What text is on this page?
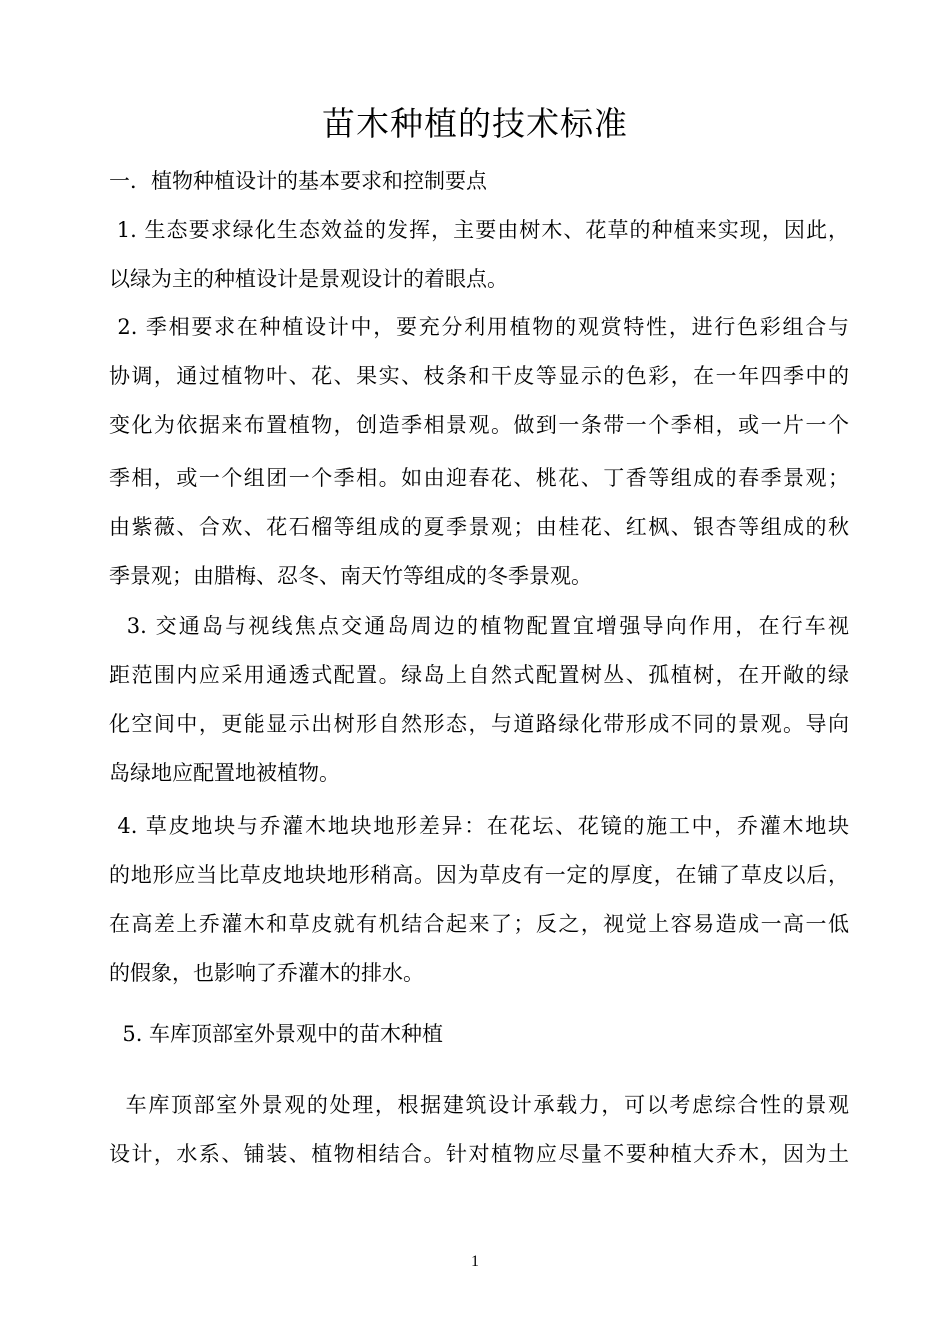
苗木种植的技术标准
一．植物种植设计的基本要求和控制要点
1. 生态要求绿化生态效益的发挥，主要由树木、花草的种植来实现，因此，
以绿为主的种植设计是景观设计的着眼点。
2. 季相要求在种植设计中，要充分利用植物的观赏特性，进行色彩组合与
协调，通过植物叶、花、果实、枝条和干皮等显示的色彩，在一年四季中的
变化为依据来布置植物，创造季相景观。做到一条带一个季相，或一片一个
季相，或一个组团一个季相。如由迎春花、桃花、丁香等组成的春季景观；
由紫薇、合欢、花石榴等组成的夏季景观；由桂花、红枫、银杏等组成的秋
季景观；由腊梅、忍冬、南天竹等组成的冬季景观。
3. 交通岛与视线焦点交通岛周边的植物配置宜增强导向作用，在行车视
距范围内应采用通透式配置。绿岛上自然式配置树丛、孤植树，在开敞的绿
化空间中，更能显示出树形自然形态，与道路绿化带形成不同的景观。导向
岛绿地应配置地被植物。
4. 草皮地块与乔灌木地块地形差异：在花坛、花镜的施工中，乔灌木地块
的地形应当比草皮地块地形稍高。因为草皮有一定的厚度，在铺了草皮以后，
在高差上乔灌木和草皮就有机结合起来了；反之，视觉上容易造成一高一低
的假象，也影响了乔灌木的排水。
5. 车库顶部室外景观中的苗木种植
车库顶部室外景观的处理，根据建筑设计承载力，可以考虑综合性的景观
设计，水系、铺装、植物相结合。针对植物应尽量不要种植大乔木，因为土
1
